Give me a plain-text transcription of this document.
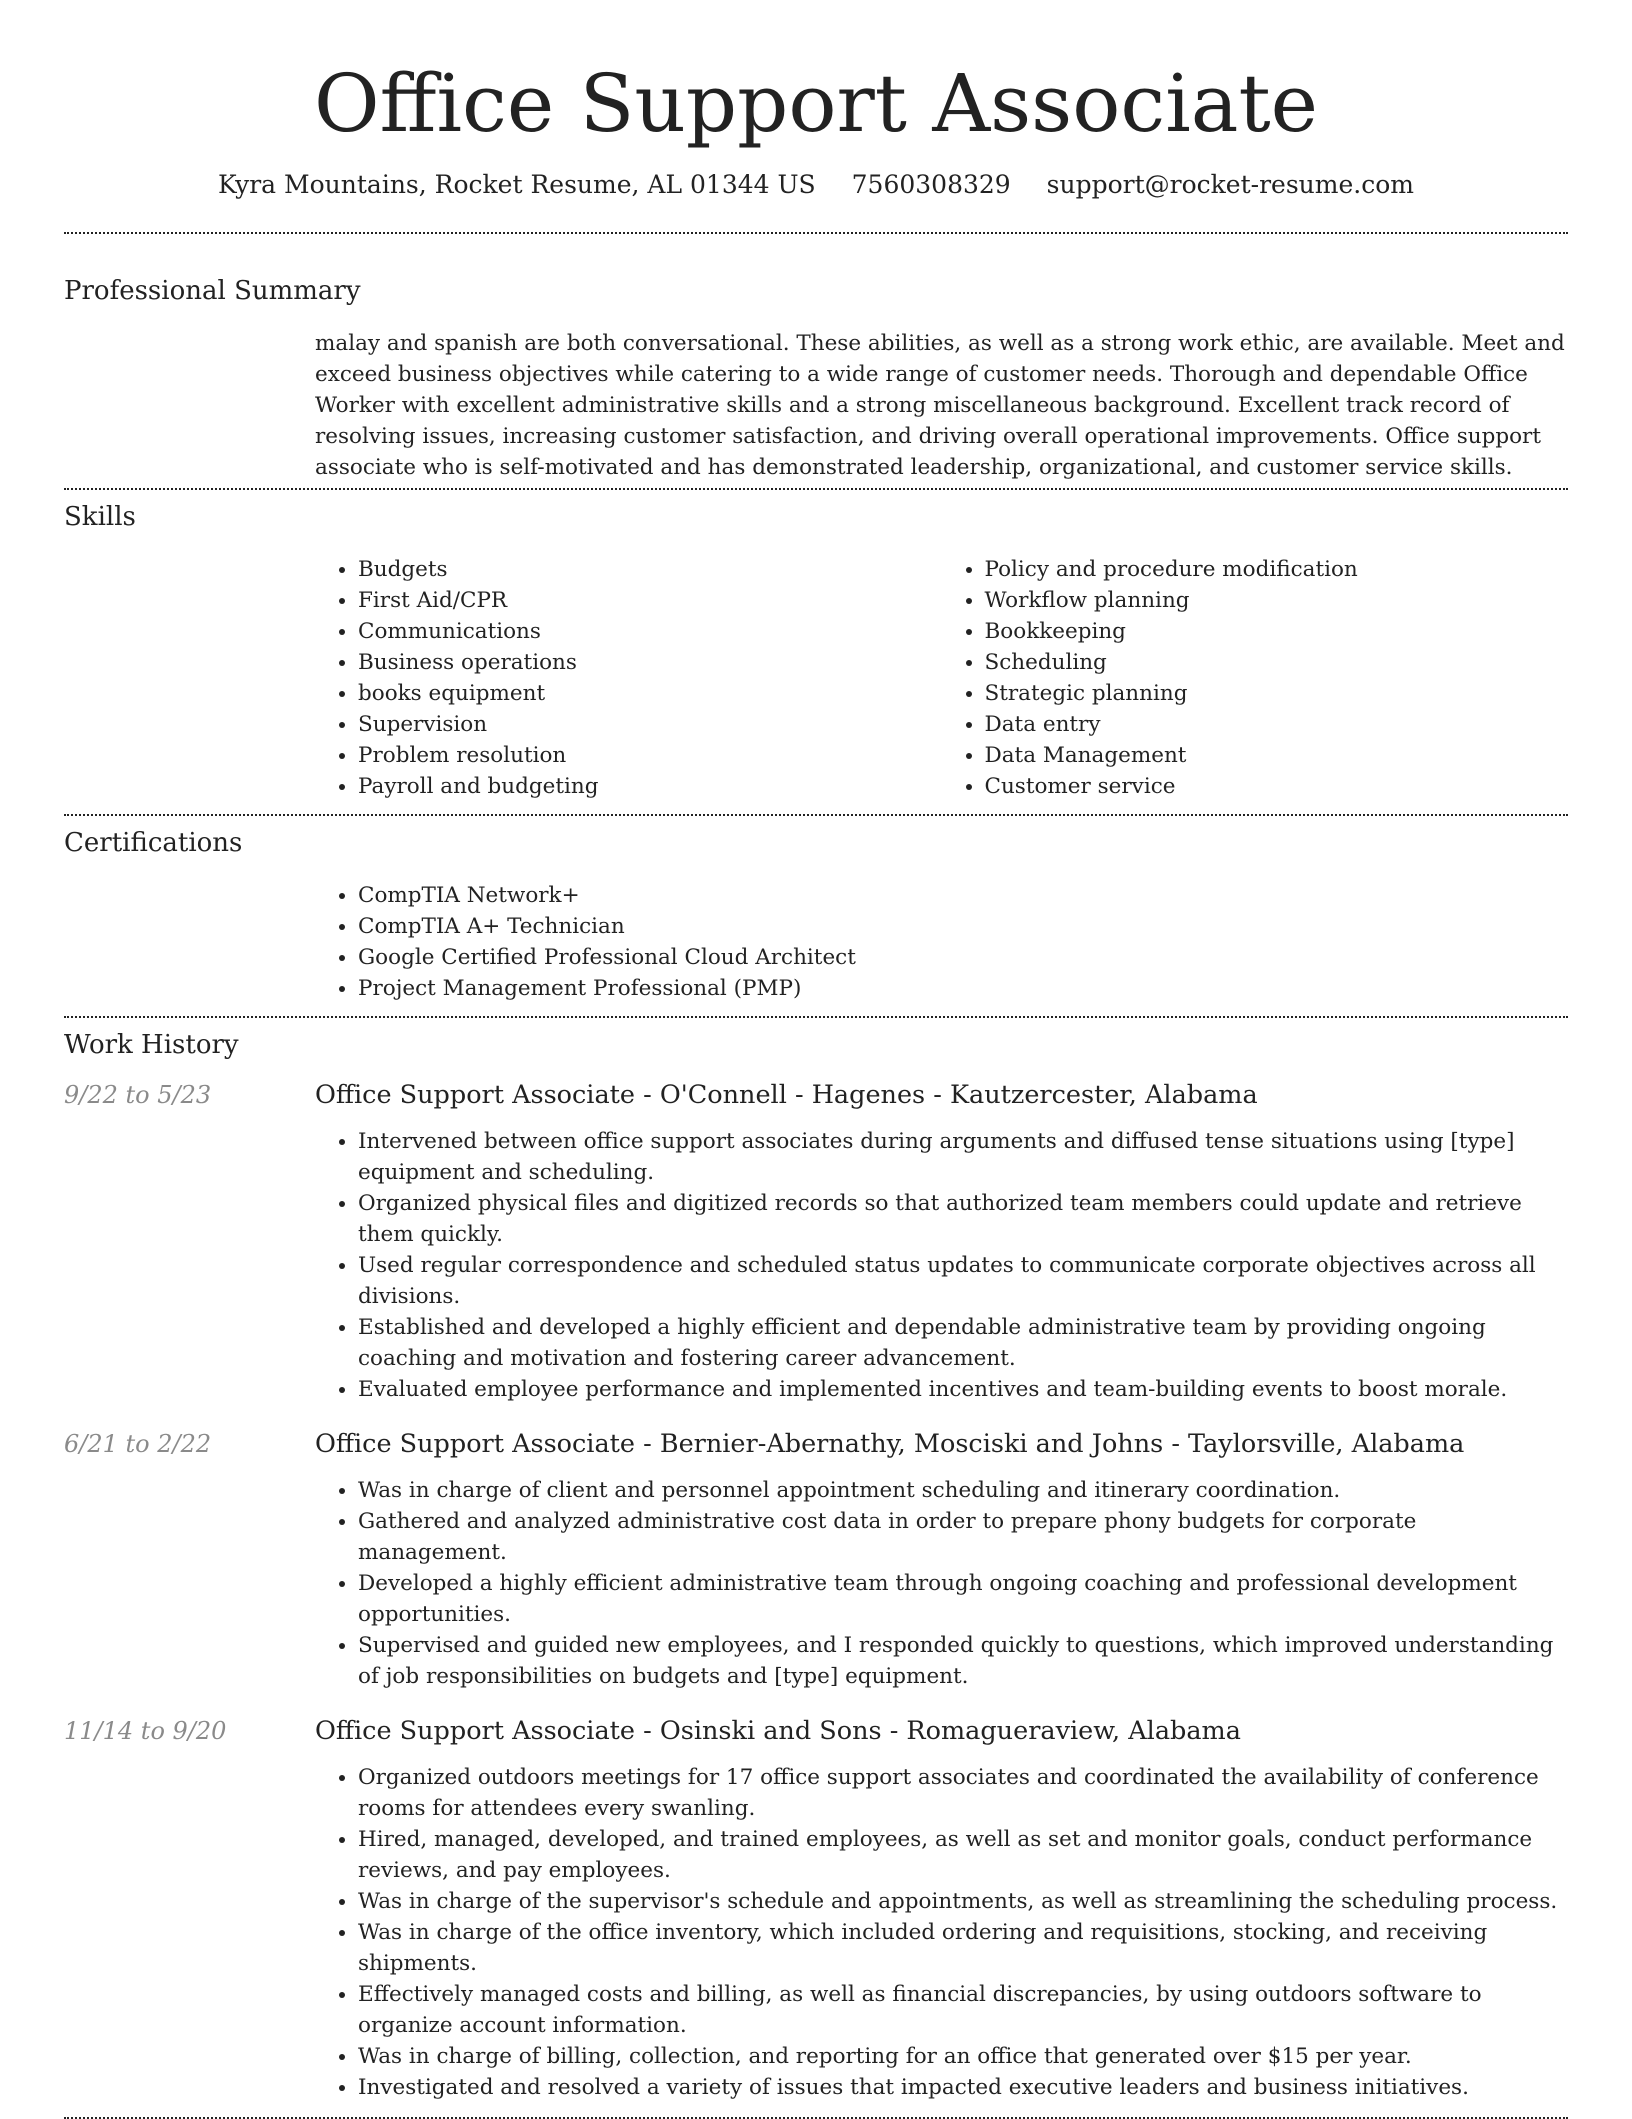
Office Support Associate
Kyra Mountains, Rocket Resume, AL 01344 US 7560308329 support@rocket-resume.com
Professional Summary
malay and spanish are both conversational. These abilities, as well as a strong work ethic, are available. Meet and exceed business objectives while catering to a wide range of customer needs. Thorough and dependable Office Worker with excellent administrative skills and a strong miscellaneous background. Excellent track record of resolving issues, increasing customer satisfaction, and driving overall operational improvements. Office support associate who is self-motivated and has demonstrated leadership, organizational, and customer service skills.
Skills
• Budgets
• First Aid/CPR
• Communications
• Business operations
• books equipment
• Supervision
• Problem resolution
• Payroll and budgeting
• Policy and procedure modification
• Workflow planning
• Bookkeeping
• Scheduling
• Strategic planning
• Data entry
• Data Management
• Customer service
Certifications
• CompTIA Network+
• CompTIA A+ Technician
• Google Certified Professional Cloud Architect
• Project Management Professional (PMP)
Work History
9/22 to 5/23	Office Support Associate - O'Connell - Hagenes - Kautzercester, Alabama
• Intervened between office support associates during arguments and diffused tense situations using [type] equipment and scheduling.
• Organized physical files and digitized records so that authorized team members could update and retrieve them quickly.
• Used regular correspondence and scheduled status updates to communicate corporate objectives across all divisions.
• Established and developed a highly efficient and dependable administrative team by providing ongoing coaching and motivation and fostering career advancement.
• Evaluated employee performance and implemented incentives and team-building events to boost morale.
6/21 to 2/22	Office Support Associate - Bernier-Abernathy, Mosciski and Johns - Taylorsville, Alabama
• Was in charge of client and personnel appointment scheduling and itinerary coordination.
• Gathered and analyzed administrative cost data in order to prepare phony budgets for corporate management.
• Developed a highly efficient administrative team through ongoing coaching and professional development opportunities.
• Supervised and guided new employees, and I responded quickly to questions, which improved understanding of job responsibilities on budgets and [type] equipment.
11/14 to 9/20	Office Support Associate - Osinski and Sons - Romagueraview, Alabama
• Organized outdoors meetings for 17 office support associates and coordinated the availability of conference rooms for attendees every swanling.
• Hired, managed, developed, and trained employees, as well as set and monitor goals, conduct performance reviews, and pay employees.
• Was in charge of the supervisor's schedule and appointments, as well as streamlining the scheduling process.
• Was in charge of the office inventory, which included ordering and requisitions, stocking, and receiving shipments.
• Effectively managed costs and billing, as well as financial discrepancies, by using outdoors software to organize account information.
• Was in charge of billing, collection, and reporting for an office that generated over $15 per year.
• Investigated and resolved a variety of issues that impacted executive leaders and business initiatives.
